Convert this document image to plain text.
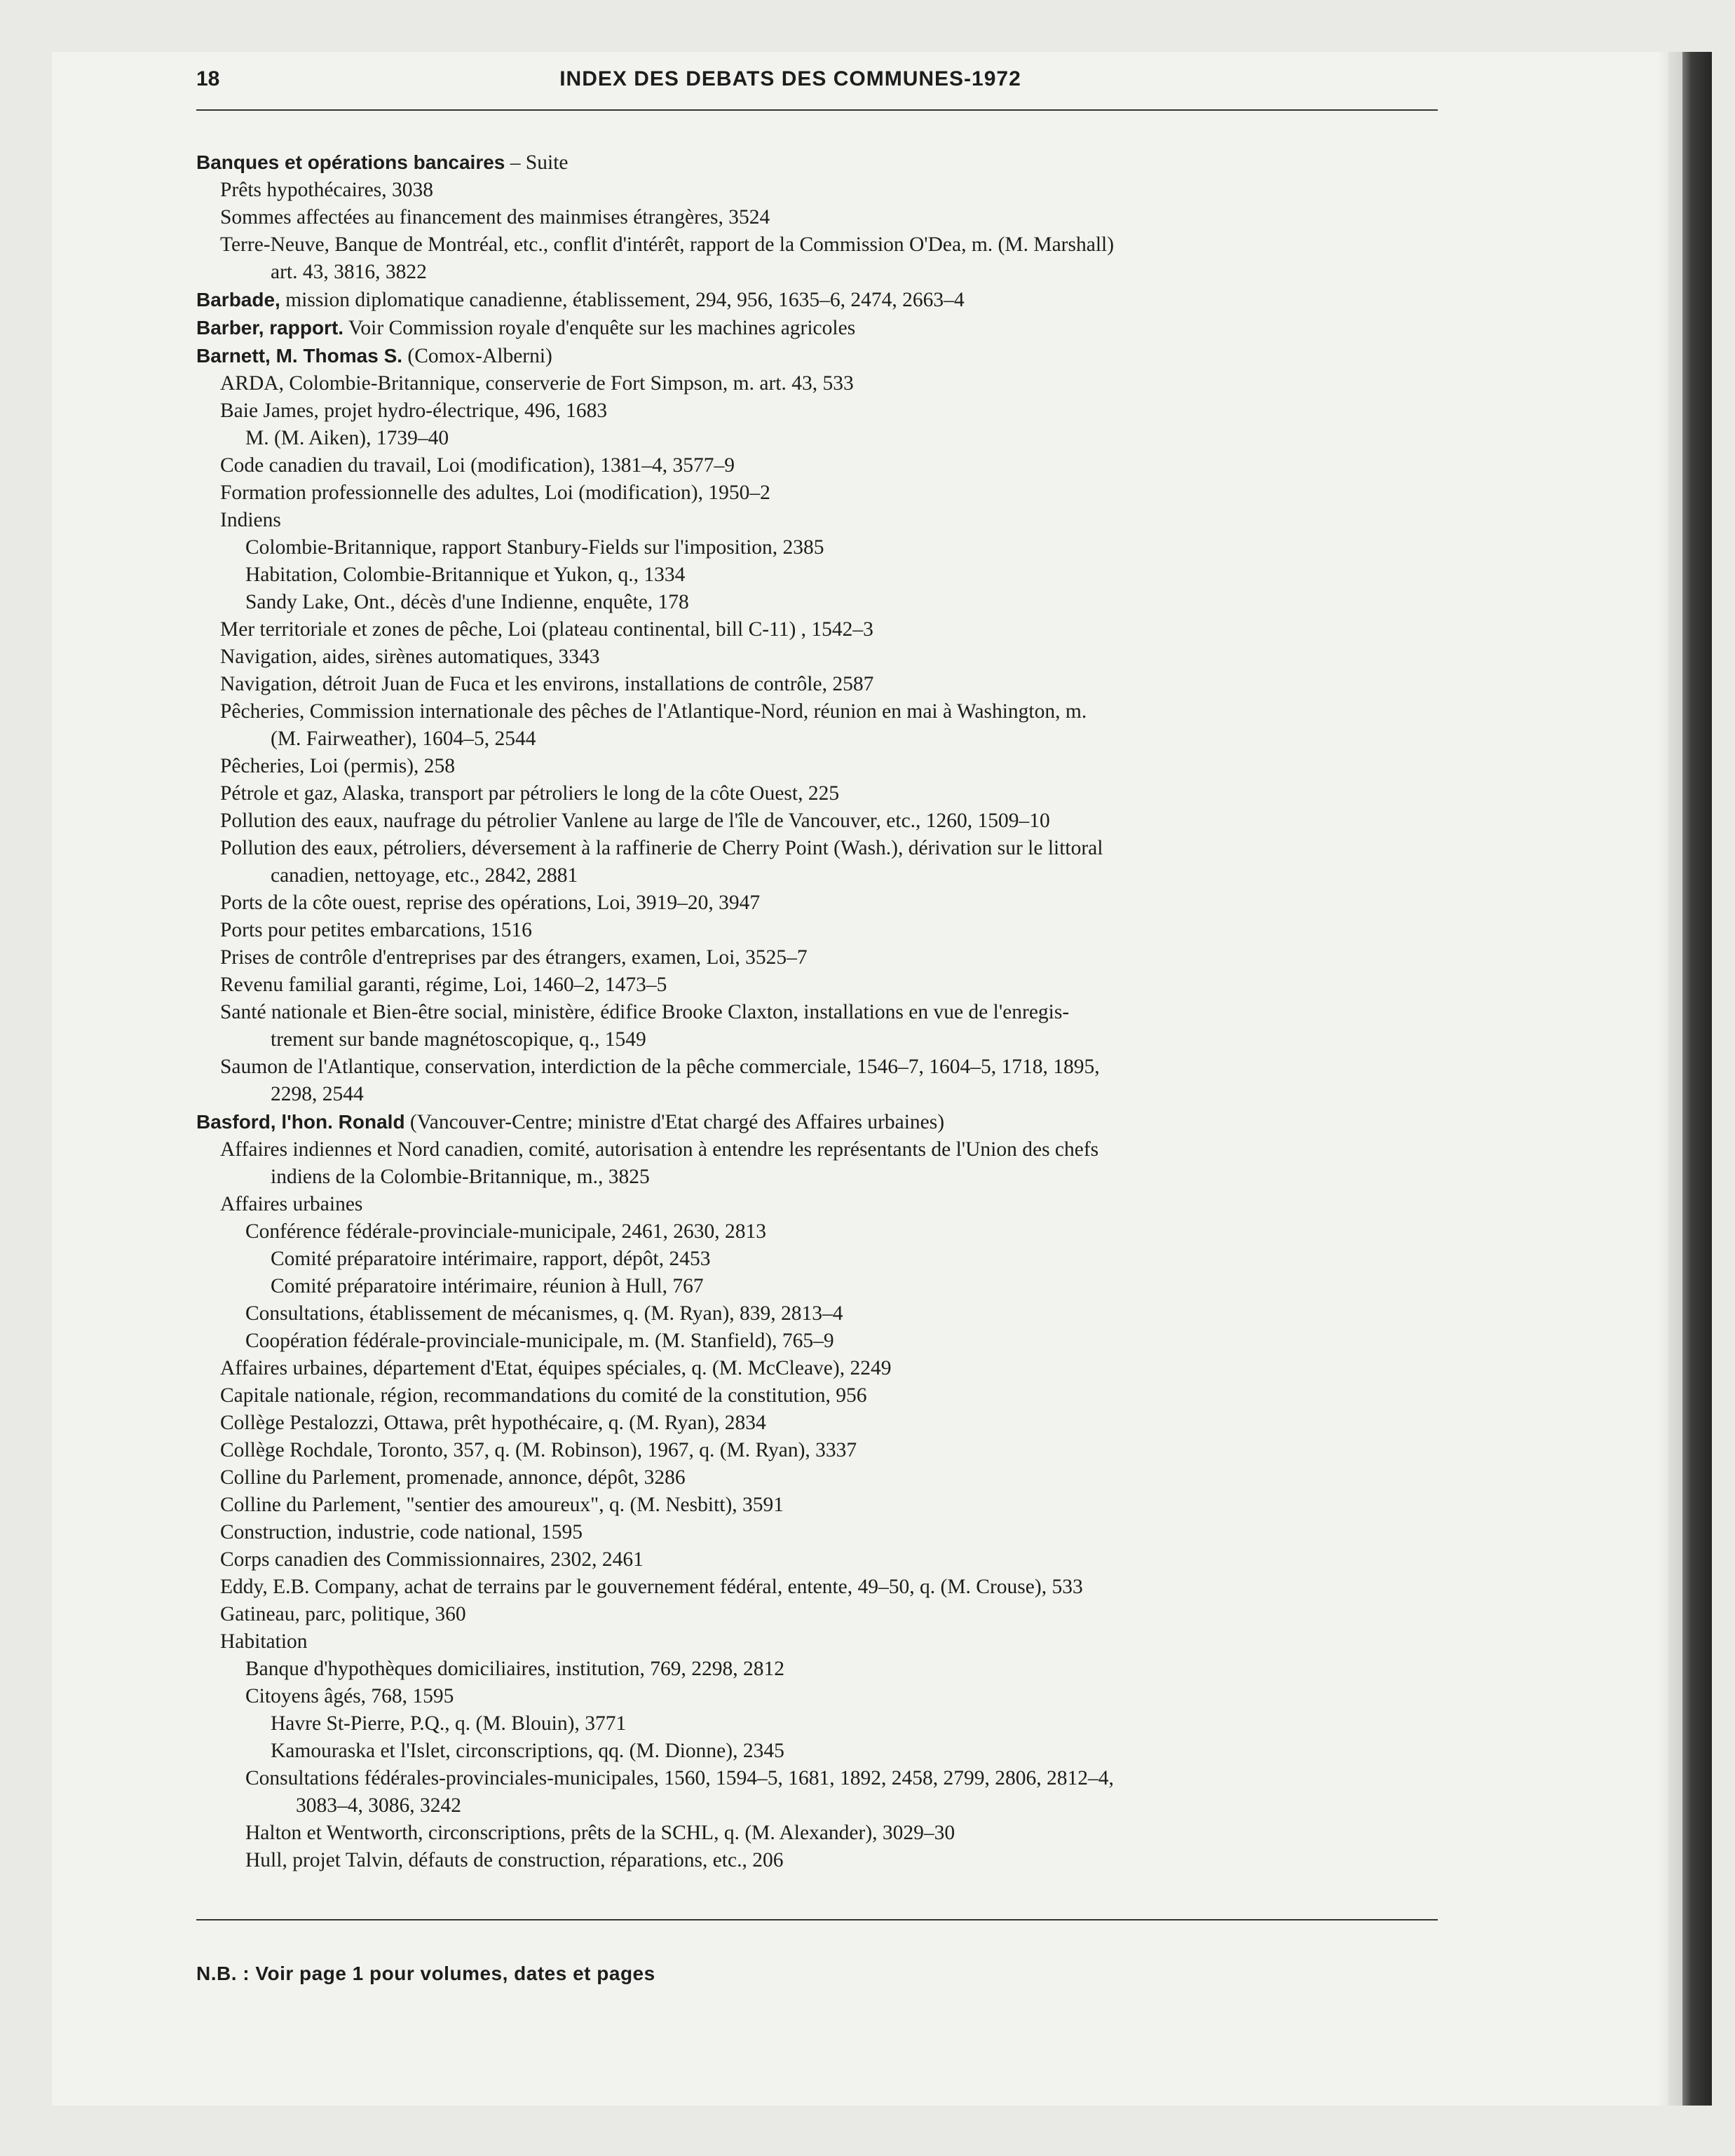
18	INDEX DES DEBATS DES COMMUNES-1972
Banques et opérations bancaires – Suite
Prêts hypothécaires, 3038
Sommes affectées au financement des mainmises étrangères, 3524
Terre-Neuve, Banque de Montréal, etc., conflit d'intérêt, rapport de la Commission O'Dea, m. (M. Marshall)
art. 43, 3816, 3822
Barbade, mission diplomatique canadienne, établissement, 294, 956, 1635–6, 2474, 2663–4
Barber, rapport. Voir Commission royale d'enquête sur les machines agricoles
Barnett, M. Thomas S. (Comox-Alberni)
ARDA, Colombie-Britannique, conserverie de Fort Simpson, m. art. 43, 533
Baie James, projet hydro-électrique, 496, 1683
M. (M. Aiken), 1739–40
Code canadien du travail, Loi (modification), 1381–4, 3577–9
Formation professionnelle des adultes, Loi (modification), 1950–2
Indiens
Colombie-Britannique, rapport Stanbury-Fields sur l'imposition, 2385
Habitation, Colombie-Britannique et Yukon, q., 1334
Sandy Lake, Ont., décès d'une Indienne, enquête, 178
Mer territoriale et zones de pêche, Loi (plateau continental, bill C-11) , 1542–3
Navigation, aides, sirènes automatiques, 3343
Navigation, détroit Juan de Fuca et les environs, installations de contrôle, 2587
Pêcheries, Commission internationale des pêches de l'Atlantique-Nord, réunion en mai à Washington, m.
(M. Fairweather), 1604–5, 2544
Pêcheries, Loi (permis), 258
Pétrole et gaz, Alaska, transport par pétroliers le long de la côte Ouest, 225
Pollution des eaux, naufrage du pétrolier Vanlene au large de l'île de Vancouver, etc., 1260, 1509–10
Pollution des eaux, pétroliers, déversement à la raffinerie de Cherry Point (Wash.), dérivation sur le littoral
canadien, nettoyage, etc., 2842, 2881
Ports de la côte ouest, reprise des opérations, Loi, 3919–20, 3947
Ports pour petites embarcations, 1516
Prises de contrôle d'entreprises par des étrangers, examen, Loi, 3525–7
Revenu familial garanti, régime, Loi, 1460–2, 1473–5
Santé nationale et Bien-être social, ministère, édifice Brooke Claxton, installations en vue de l'enregis-
trement sur bande magnétoscopique, q., 1549
Saumon de l'Atlantique, conservation, interdiction de la pêche commerciale, 1546–7, 1604–5, 1718, 1895,
2298, 2544
Basford, l'hon. Ronald (Vancouver-Centre; ministre d'Etat chargé des Affaires urbaines)
Affaires indiennes et Nord canadien, comité, autorisation à entendre les représentants de l'Union des chefs
indiens de la Colombie-Britannique, m., 3825
Affaires urbaines
Conférence fédérale-provinciale-municipale, 2461, 2630, 2813
Comité préparatoire intérimaire, rapport, dépôt, 2453
Comité préparatoire intérimaire, réunion à Hull, 767
Consultations, établissement de mécanismes, q. (M. Ryan), 839, 2813–4
Coopération fédérale-provinciale-municipale, m. (M. Stanfield), 765–9
Affaires urbaines, département d'Etat, équipes spéciales, q. (M. McCleave), 2249
Capitale nationale, région, recommandations du comité de la constitution, 956
Collège Pestalozzi, Ottawa, prêt hypothécaire, q. (M. Ryan), 2834
Collège Rochdale, Toronto, 357, q. (M. Robinson), 1967, q. (M. Ryan), 3337
Colline du Parlement, promenade, annonce, dépôt, 3286
Colline du Parlement, "sentier des amoureux", q. (M. Nesbitt), 3591
Construction, industrie, code national, 1595
Corps canadien des Commissionnaires, 2302, 2461
Eddy, E.B. Company, achat de terrains par le gouvernement fédéral, entente, 49–50, q. (M. Crouse), 533
Gatineau, parc, politique, 360
Habitation
Banque d'hypothèques domiciliaires, institution, 769, 2298, 2812
Citoyens âgés, 768, 1595
Havre St-Pierre, P.Q., q. (M. Blouin), 3771
Kamouraska et l'Islet, circonscriptions, qq. (M. Dionne), 2345
Consultations fédérales-provinciales-municipales, 1560, 1594–5, 1681, 1892, 2458, 2799, 2806, 2812–4,
3083–4, 3086, 3242
Halton et Wentworth, circonscriptions, prêts de la SCHL, q. (M. Alexander), 3029–30
Hull, projet Talvin, défauts de construction, réparations, etc., 206
N.B. : Voir page 1 pour volumes, dates et pages
